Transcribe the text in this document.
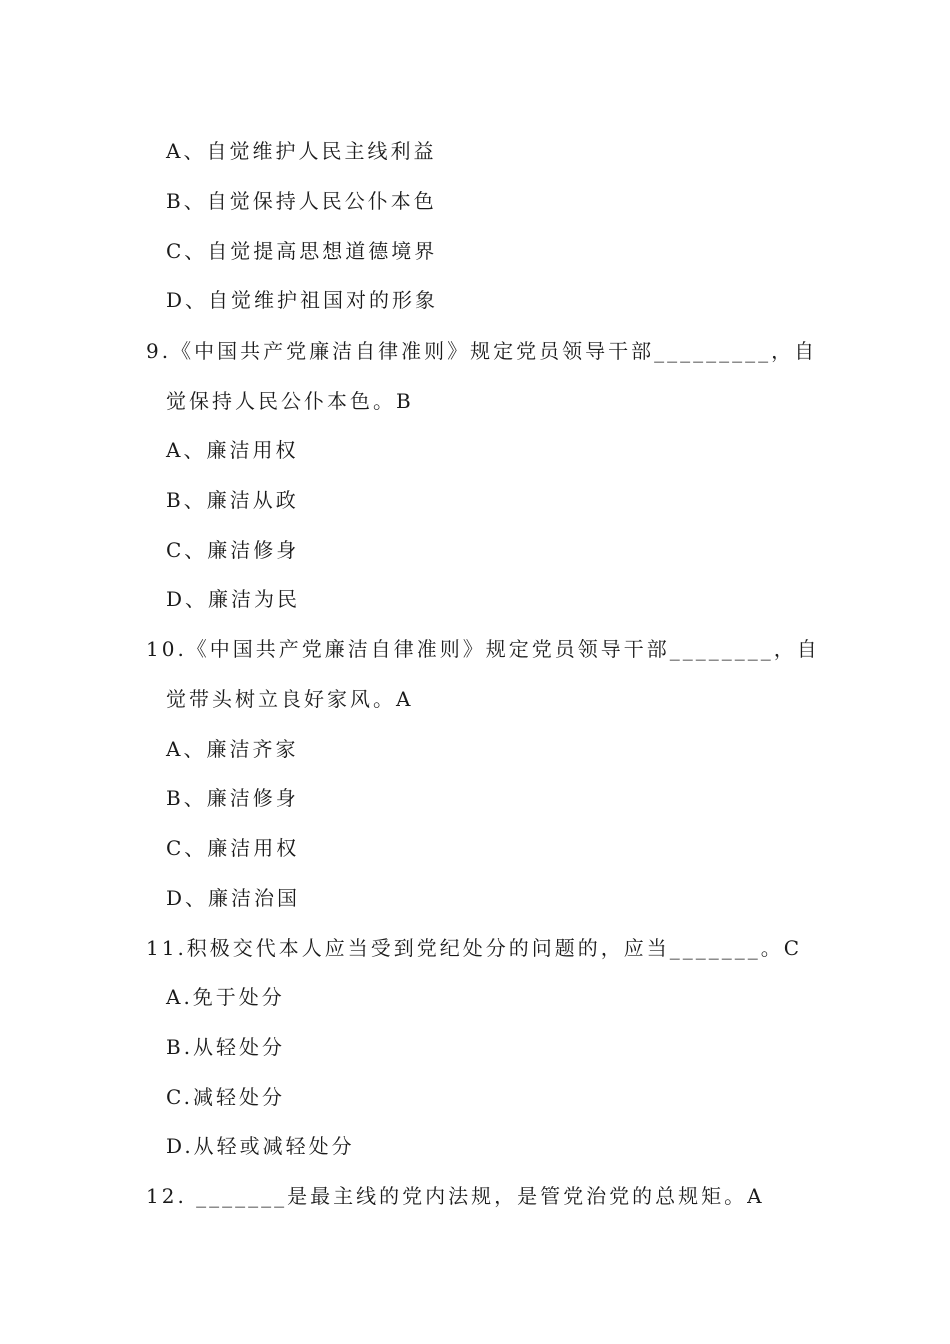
A、自觉维护人民主线利益
B、自觉保持人民公仆本色
C、自觉提高思想道德境界
D、自觉维护祖国对的形象
9.《中国共产党廉洁自律准则》规定党员领导干部_________，自
觉保持人民公仆本色。B
A、廉洁用权
B、廉洁从政
C、廉洁修身
D、廉洁为民
10.《中国共产党廉洁自律准则》规定党员领导干部________，自
觉带头树立良好家风。A
A、廉洁齐家
B、廉洁修身
C、廉洁用权
D、廉洁治国
11.积极交代本人应当受到党纪处分的问题的，应当_______。C
A.免于处分
B.从轻处分
C.减轻处分
D.从轻或减轻处分
12. _______是最主线的党内法规，是管党治党的总规矩。A
